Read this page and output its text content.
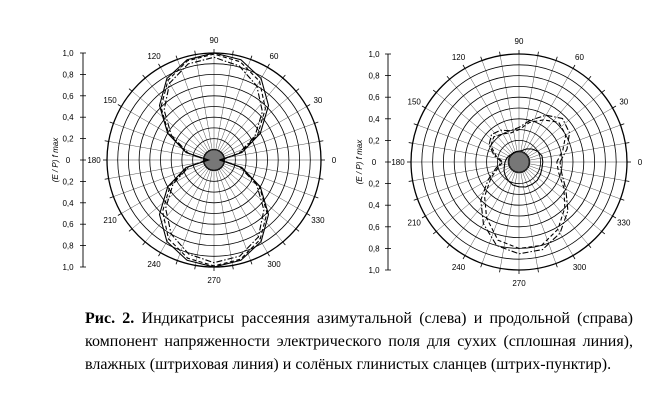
0
30
60
90
120
150
180
210
240
270
300
330
1,0
0,8
0,6
0,4
0,2
0
0,2
0,4
0,6
0,8
1,0
(E / P) f max	0
30
60
90
120
150
180
210
240
270
300
330
1,0
0,8
0,6
0,4
0,2
0
0,2
0,4
0,6
0,8
1,0
(E / P) f max

Рис. 2. Индикатрисы рассеяния азимутальной (слева) и продольной (справа) компонент напряженности электрического поля для сухих (сплошная линия), влажных (штриховая линия) и солёных глинистых сланцев (штрих-пунктир).
